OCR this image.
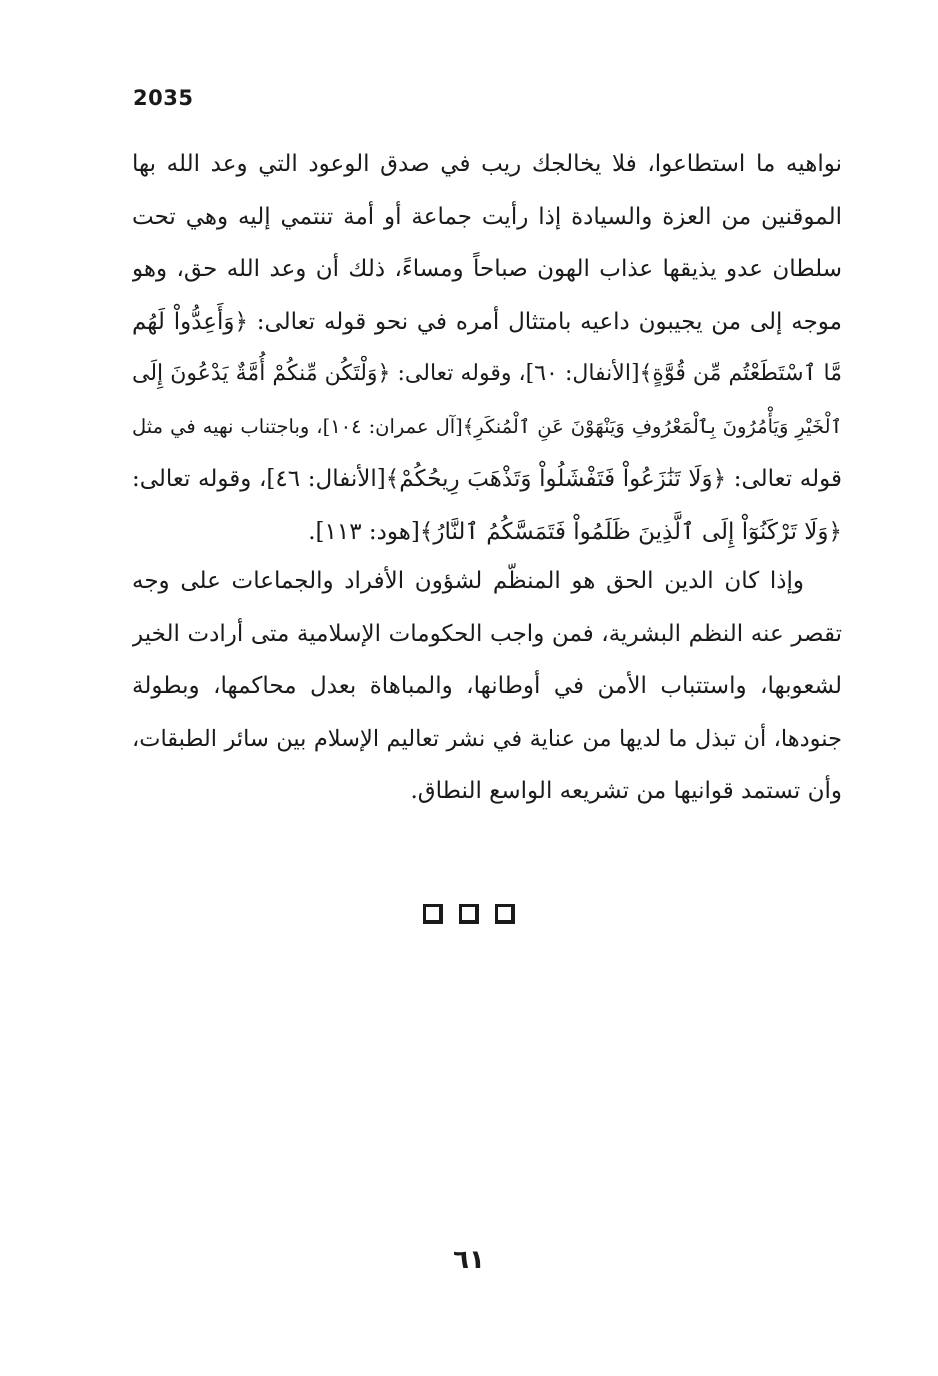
2035
نواهيه ما استطاعوا، فلا يخالجك ريب في صدق الوعود التي وعد الله بها
الموقنين من العزة والسيادة إذا رأيت جماعة أو أمة تنتمي إليه وهي تحت
سلطان عدو يذيقها عذاب الهون صباحاً ومساءً، ذلك أن وعد الله حق، وهو
موجه إلى من يجيبون داعيه بامتثال أمره في نحو قوله تعالى: ﴿وَأَعِدُّواْ لَهُم
مَّا ٱسْتَطَعْتُم مِّن قُوَّةٍ﴾[الأنفال: ٦٠]، وقوله تعالى: ﴿وَلْتَكُن مِّنكُمْ أُمَّةٌ يَدْعُونَ إِلَى
ٱلْخَيْرِ وَيَأْمُرُونَ بِٱلْمَعْرُوفِ وَيَنْهَوْنَ عَنِ ٱلْمُنكَرِ﴾[آل عمران: ١٠٤]، وباجتناب نهيه في مثل
قوله تعالى: ﴿وَلَا تَنَٰزَعُواْ فَتَفْشَلُواْ وَتَذْهَبَ رِيحُكُمْ﴾[الأنفال: ٤٦]، وقوله تعالى:
﴿وَلَا تَرْكَنُوٓاْ إِلَى ٱلَّذِينَ ظَلَمُواْ فَتَمَسَّكُمُ ٱلنَّارُ﴾[هود: ١١٣].
وإذا كان الدين الحق هو المنظّم لشؤون الأفراد والجماعات على وجه
تقصر عنه النظم البشرية، فمن واجب الحكومات الإسلامية متى أرادت الخير
لشعوبها، واستتباب الأمن في أوطانها، والمباهاة بعدل محاكمها، وبطولة
جنودها، أن تبذل ما لديها من عناية في نشر تعاليم الإسلام بين سائر الطبقات،
وأن تستمد قوانيها من تشريعه الواسع النطاق.
٦١
